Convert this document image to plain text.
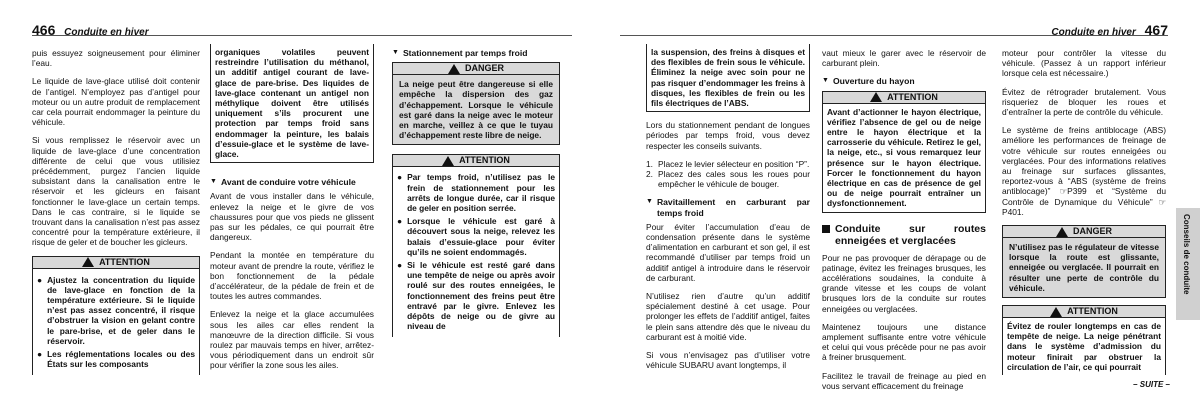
466 Conduite en hiver

puis essuyez soigneusement pour éliminer l’eau.

Le liquide de lave-glace utilisé doit contenir de l’antigel. N’employez pas d’antigel pour moteur ou un autre produit de remplacement car cela pourrait endommager la peinture du véhicule.

Si vous remplissez le réservoir avec un liquide de lave-glace d’une concentration différente de celui que vous utilisiez précédemment, purgez l’ancien liquide subsistant dans la canalisation entre le réservoir et les gicleurs en faisant fonctionner le lave-glace un certain temps. Dans le cas contraire, si le liquide se trouvant dans la canalisation n’est pas assez concentré pour la température extérieure, il risque de geler et de boucher les gicleurs.

ATTENTION
● Ajustez la concentration du liquide de lave-glace en fonction de la température extérieure. Si le liquide n’est pas assez concentré, il risque d’obstruer la vision en gelant contre le pare-brise, et de geler dans le réservoir.
● Les réglementations locales ou des États sur les composants
organiques volatiles peuvent restreindre l’utilisation du méthanol, un additif antigel courant de lave-glace de pare-brise. Des liquides de lave-glace contenant un antigel non méthylique doivent être utilisés uniquement s’ils procurent une protection par temps froid sans endommager la peinture, les balais d’essuie-glace et le système de lave-glace.
▼ Avant de conduire votre véhicule

Avant de vous installer dans le véhicule, enlevez la neige et le givre de vos chaussures pour que vos pieds ne glissent pas sur les pédales, ce qui pourrait être dangereux.

Pendant la montée en température du moteur avant de prendre la route, vérifiez le bon fonctionnement de la pédale d’accélérateur, de la pédale de frein et de toutes les autres commandes.

Enlevez la neige et la glace accumulées sous les ailes car elles rendent la manœuvre de la direction difficile. Si vous roulez par mauvais temps en hiver, arrêtez-vous périodiquement dans un endroit sûr pour vérifier la zone sous les ailes.

▼ Stationnement par temps froid
DANGER
La neige peut être dangereuse si elle empêche la dispersion des gaz d’échappement. Lorsque le véhicule est garé dans la neige avec le moteur en marche, veillez à ce que le tuyau d’échappement reste libre de neige.
ATTENTION
● Par temps froid, n’utilisez pas le frein de stationnement pour les arrêts de longue durée, car il risque de geler en position serrée.
● Lorsque le véhicule est garé à découvert sous la neige, relevez les balais d’essuie-glace pour éviter qu’ils ne soient endommagés.
● Si le véhicule est resté garé dans une tempête de neige ou après avoir roulé sur des routes enneigées, le fonctionnement des freins peut être entravé par le givre. Enlevez les dépôts de neige ou de givre au niveau de
Conduite en hiver 467
la suspension, des freins à disques et des flexibles de frein sous le véhicule. Éliminez la neige avec soin pour ne pas risquer d’endommager les freins à disques, les flexibles de frein ou les fils électriques de l’ABS.

Lors du stationnement pendant de longues périodes par temps froid, vous devez respecter les conseils suivants.

1. Placez le levier sélecteur en position “P”.
2. Placez des cales sous les roues pour empêcher le véhicule de bouger.
▼ Ravitaillement en carburant par temps froid

Pour éviter l’accumulation d’eau de condensation présente dans le système d’alimentation en carburant et son gel, il est recommandé d’utiliser par temps froid un additif antigel à introduire dans le réservoir de carburant.

N’utilisez rien d’autre qu’un additif spécialement destiné à cet usage. Pour prolonger les effets de l’additif antigel, faites le plein sans attendre dès que le niveau du carburant est à moitié vide.

Si vous n’envisagez pas d’utiliser votre véhicule SUBARU avant longtemps, il

vaut mieux le garer avec le réservoir de carburant plein.

▼ Ouverture du hayon
ATTENTION
Avant d’actionner le hayon électrique, vérifiez l’absence de gel ou de neige entre le hayon électrique et la carrosserie du véhicule. Retirez le gel, la neige, etc., si vous remarquez leur présence sur le hayon électrique. Forcer le fonctionnement du hayon électrique en cas de présence de gel ou de neige pourrait entraîner un dysfonctionnement.
Conduite sur routes enneigées et verglacées

Pour ne pas provoquer de dérapage ou de patinage, évitez les freinages brusques, les accélérations soudaines, la conduite à grande vitesse et les coups de volant brusques lors de la conduite sur routes enneigées ou verglacées.

Maintenez toujours une distance amplement suffisante entre votre véhicule et celui qui vous précède pour ne pas avoir à freiner brusquement.

Facilitez le travail de freinage au pied en vous servant efficacement du freinage

moteur pour contrôler la vitesse du véhicule. (Passez à un rapport inférieur lorsque cela est nécessaire.)

Évitez de rétrograder brutalement. Vous risqueriez de bloquer les roues et d’entraîner la perte de contrôle du véhicule.

Le système de freins antiblocage (ABS) améliore les performances de freinage de votre véhicule sur routes enneigées ou verglacées. Pour des informations relatives au freinage sur surfaces glissantes, reportez-vous à “ABS (système de freins antiblocage)” ☞P399 et “Système du Contrôle de Dynamique du Véhicule” ☞P401.

DANGER
N’utilisez pas le régulateur de vitesse lorsque la route est glissante, enneigée ou verglacée. Il pourrait en résulter une perte de contrôle du véhicule.
ATTENTION
Évitez de rouler longtemps en cas de tempête de neige. La neige pénétrant dans le système d’admission du moteur finirait par obstruer la circulation de l’air, ce qui pourrait
– SUITE –
Conseils de conduite
